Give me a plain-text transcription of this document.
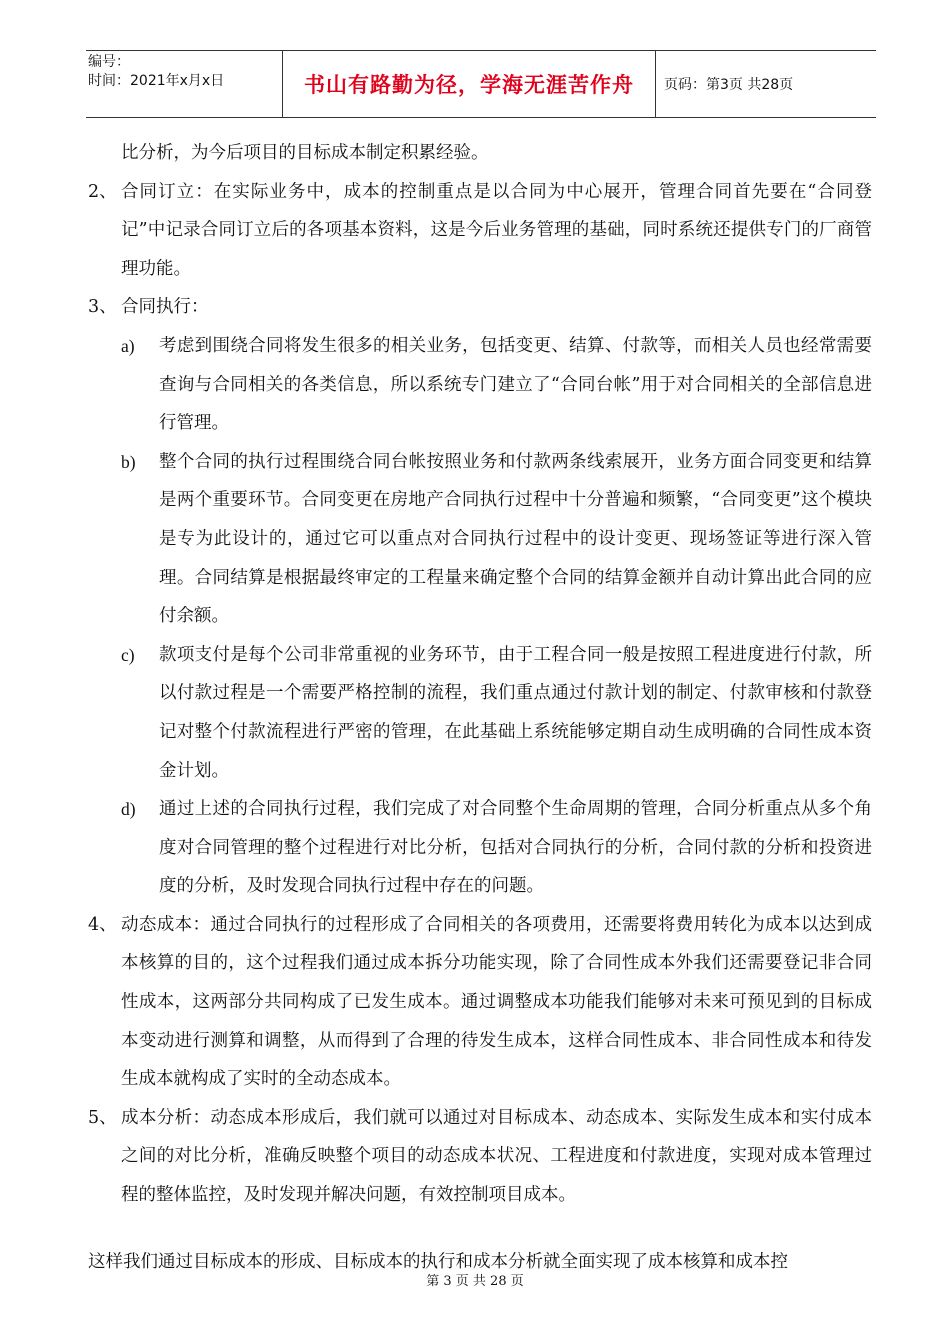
编号：
时间：2021年x月x日	书山有路勤为径，学海无涯苦作舟	页码：第3页 共28页

比分析，为今后项目的目标成本制定积累经验。

2、 合同订立：在实际业务中，成本的控制重点是以合同为中心展开，管理合同首先要在“合同登记”中记录合同订立后的各项基本资料，这是今后业务管理的基础，同时系统还提供专门的厂商管理功能。
3、 合同执行：
a)	考虑到围绕合同将发生很多的相关业务，包括变更、结算、付款等，而相关人员也经常需要查询与合同相关的各类信息，所以系统专门建立了“合同台帐”用于对合同相关的全部信息进行管理。
b)	整个合同的执行过程围绕合同台帐按照业务和付款两条线索展开，业务方面合同变更和结算是两个重要环节。合同变更在房地产合同执行过程中十分普遍和频繁，“合同变更”这个模块是专为此设计的，通过它可以重点对合同执行过程中的设计变更、现场签证等进行深入管理。合同结算是根据最终审定的工程量来确定整个合同的结算金额并自动计算出此合同的应付余额。
c)	款项支付是每个公司非常重视的业务环节，由于工程合同一般是按照工程进度进行付款，所以付款过程是一个需要严格控制的流程，我们重点通过付款计划的制定、付款审核和付款登记对整个付款流程进行严密的管理，在此基础上系统能够定期自动生成明确的合同性成本资金计划。
d)	通过上述的合同执行过程，我们完成了对合同整个生命周期的管理，合同分析重点从多个角度对合同管理的整个过程进行对比分析，包括对合同执行的分析，合同付款的分析和投资进度的分析，及时发现合同执行过程中存在的问题。
4、 动态成本：通过合同执行的过程形成了合同相关的各项费用，还需要将费用转化为成本以达到成本核算的目的，这个过程我们通过成本拆分功能实现，除了合同性成本外我们还需要登记非合同性成本，这两部分共同构成了已发生成本。通过调整成本功能我们能够对未来可预见到的目标成本变动进行测算和调整，从而得到了合理的待发生成本，这样合同性成本、非合同性成本和待发生成本就构成了实时的全动态成本。
5、 成本分析：动态成本形成后，我们就可以通过对目标成本、动态成本、实际发生成本和实付成本之间的对比分析，准确反映整个项目的动态成本状况、工程进度和付款进度，实现对成本管理过程的整体监控，及时发现并解决问题，有效控制项目成本。

这样我们通过目标成本的形成、目标成本的执行和成本分析就全面实现了成本核算和成本控

第 3 页 共 28 页
